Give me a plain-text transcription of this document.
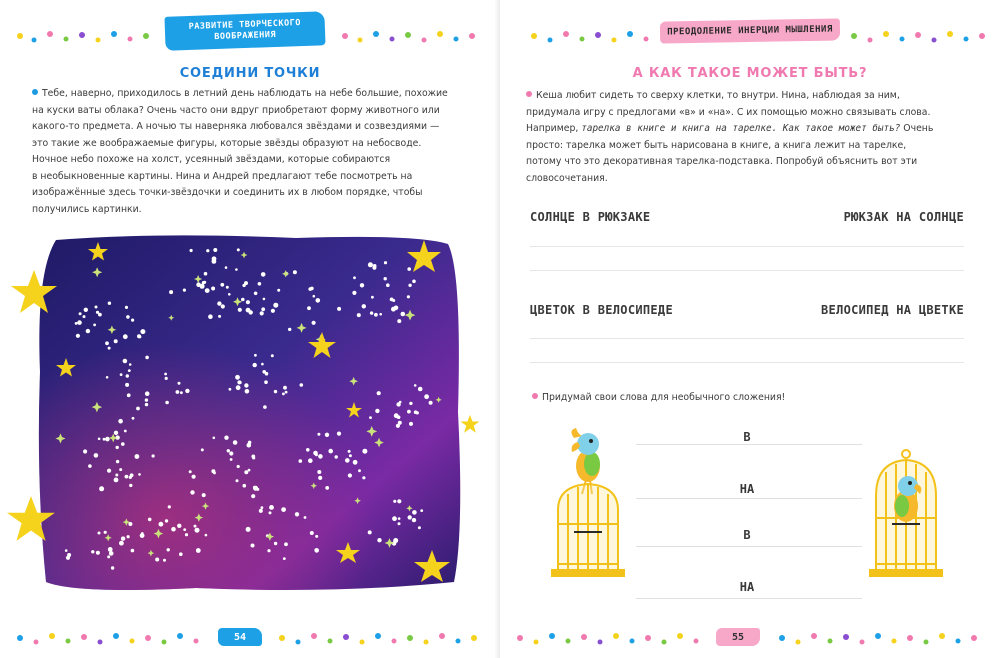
РАЗВИТИЕ ТВОРЧЕСКОГО
ВООБРАЖЕНИЯ
СОЕДИНИ ТОЧКИ
Тебе, наверно, приходилось в летний день наблюдать на небе большие, похожие
на куски ваты облака? Очень часто они вдруг приобретают форму животного или
какого-то предмета. А ночью ты наверняка любовался звёздами и созвездиями —
это такие же воображаемые фигуры, которые звёзды образуют на небосводе.
Ночное небо похоже на холст, усеянный звёздами, которые собираются
в необыкновенные картины. Нина и Андрей предлагают тебе посмотреть на
изображённые здесь точки-звёздочки и соединить их в любом порядке, чтобы
получились картинки.
54
ПРЕОДОЛЕНИЕ ИНЕРЦИИ МЫШЛЕНИЯ
А КАК ТАКОЕ МОЖЕТ БЫТЬ?
Кеша любит сидеть то сверху клетки, то внутри. Нина, наблюдая за ним,
придумала игру с предлогами «в» и «на». С их помощью можно связывать слова.
Например, тарелка в книге и книга на тарелке. Как такое может быть? Очень
просто: тарелка может быть нарисована в книге, а книга лежит на тарелке,
потому что это декоративная тарелка-подставка. Попробуй объяснить вот эти
словосочетания.
СОЛНЦЕ В РЮКЗАКЕ	РЮКЗАК НА СОЛНЦЕ
ЦВЕТОК В ВЕЛОСИПЕДЕ	ВЕЛОСИПЕД НА ЦВЕТКЕ
Придумай свои слова для необычного сложения!
В
НА
В
НА
55
